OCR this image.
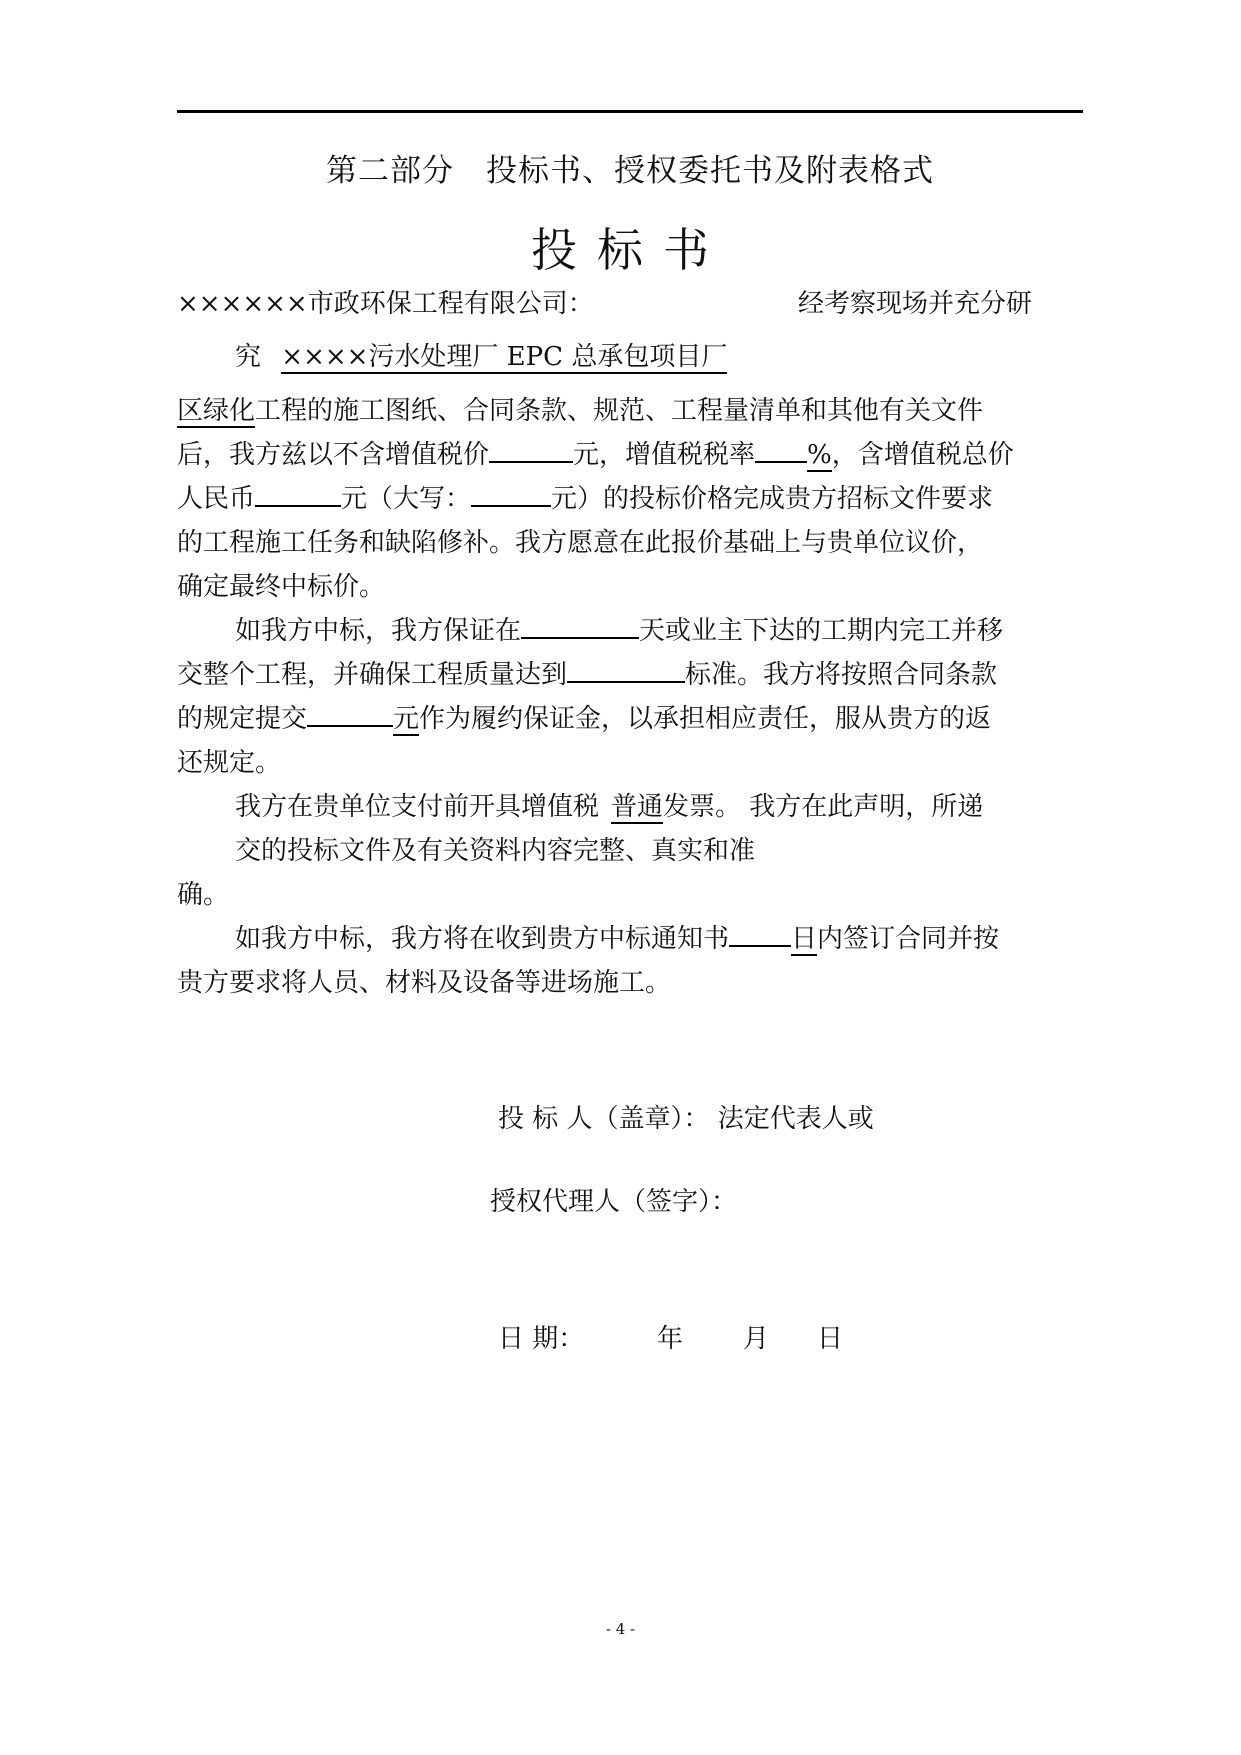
第二部分　投标书、授权委托书及附表格式
投标书
××××××市政环保工程有限公司：	经考察现场并充分研
究 ××××污水处理厂 EPC 总承包项目厂
区绿化工程的施工图纸、合同条款、规范、工程量清单和其他有关文件
后，我方兹以不含增值税价	元，增值税税率 %，含增值税总价
人民币	元（大写：	元）的投标价格完成贵方招标文件要求
的工程施工任务和缺陷修补。我方愿意在此报价基础上与贵单位议价，
确定最终中标价。
如我方中标，我方保证在	天或业主下达的工期内完工并移
交整个工程，并确保工程质量达到	标准。我方将按照合同条款
的规定提交	元作为履约保证金，以承担相应责任，服从贵方的返
还规定。
我方在贵单位支付前开具增值税 普通发票。 我方在此声明，所递
交的投标文件及有关资料内容完整、真实和准
确。
如我方中标，我方将在收到贵方中标通知书 日内签订合同并按
贵方要求将人员、材料及设备等进场施工。
投 标 人（盖章）： 法定代表人或
授权代理人（签字）：
日 期：	年 月 日
- 4 -
